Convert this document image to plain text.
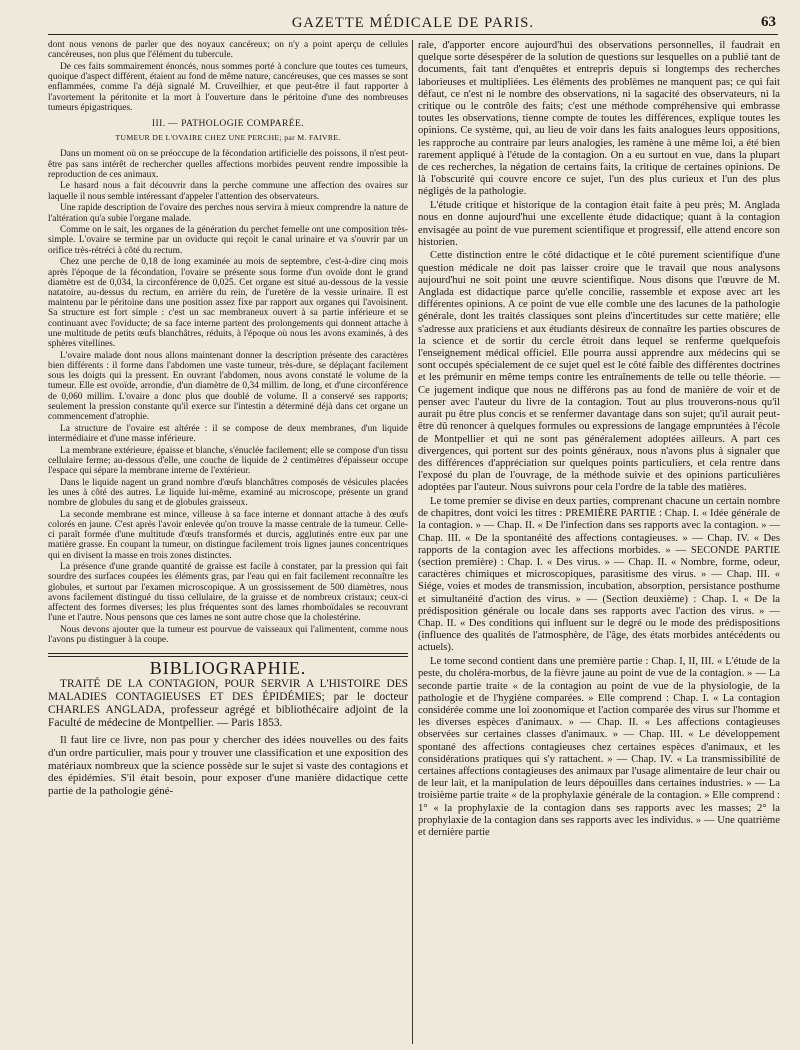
GAZETTE MÉDICALE DE PARIS.	63

dont nous venons de parler que des noyaux cancéreux; on n'y a point aperçu de cellules cancéreuses, non plus que l'élément du tubercule.

De ces faits sommairement énoncés, nous sommes porté à conclure que toutes ces tumeurs, quoique d'aspect différent, étaient au fond de même nature, cancéreuses, que ces masses se sont enflammées, comme l'a déjà signalé M. Cruveilhier, et que peut-être il faut rapporter à l'avortement la péritonite et la mort à l'ouverture dans le péritoine d'une des nombreuses tumeurs épigastriques.

III. — PATHOLOGIE COMPARÉE.
TUMEUR DE L'OVAIRE CHEZ UNE PERCHE; par M. FAIVRE.

Dans un moment où on se préoccupe de la fécondation artificielle des poissons, il n'est peut-être pas sans intérêt de rechercher quelles affections morbides peuvent rendre impossible la reproduction de ces animaux.

Le hasard nous a fait découvrir dans la perche commune une affection des ovaires sur laquelle il nous semble intéressant d'appeler l'attention des observateurs.

Une rapide description de l'ovaire des perches nous servira à mieux comprendre la nature de l'altération qu'a subie l'organe malade.

Comme on le sait, les organes de la génération du perchet femelle ont une composition très-simple. L'ovaire se termine par un oviducte qui reçoit le canal urinaire et va s'ouvrir par un orifice très-rétréci à côté du rectum.

Chez une perche de 0,18 de long examinée au mois de septembre, c'est-à-dire cinq mois après l'époque de la fécondation, l'ovaire se présente sous forme d'un ovoïde dont le grand diamètre est de 0,034, la circonférence de 0,025. Cet organe est situé au-dessous de la vessie natatoire, au-dessus du rectum, en arrière du rein, de l'uretère de la vessie urinaire. Il est maintenu par le péritoine dans une position assez fixe par rapport aux organes qui l'avoisinent. Sa structure est fort simple : c'est un sac membraneux ouvert à sa partie inférieure et se continuant avec l'oviducte; de sa face interne partent des prolongements qui donnent attache à une multitude de petits œufs blanchâtres, réduits, à l'époque où nous les avons examinés, à des sphères vitellines.

L'ovaire malade dont nous allons maintenant donner la description présente des caractères bien différents : il forme dans l'abdomen une vaste tumeur, très-dure, se déplaçant facilement sous les doigts qui la pressent. En ouvrant l'abdomen, nous avons constaté le volume de la tumeur. Elle est ovoïde, arrondie, d'un diamètre de 0,34 millim. de long, et d'une circonférence de 0,060 millim. L'ovaire a donc plus que doublé de volume. Il a conservé ses rapports; seulement la pression constante qu'il exerce sur l'intestin a déterminé déjà dans cet organe un commencement d'atrophie.

La structure de l'ovaire est altérée : il se compose de deux membranes, d'un liquide intermédiaire et d'une masse inférieure.

La membrane extérieure, épaisse et blanche, s'énuclée facilement; elle se compose d'un tissu cellulaire ferme; au-dessous d'elle, une couche de liquide de 2 centimètres d'épaisseur occupe l'espace qui sépare la membrane interne de l'extérieur.

Dans le liquide nagent un grand nombre d'œufs blanchâtres composés de vésicules placées les unes à côté des autres. Le liquide lui-même, examiné au microscope, présente un grand nombre de globules du sang et de globules graisseux.

La seconde membrane est mince, villeuse à sa face interne et donnant attache à des œufs colorés en jaune. C'est après l'avoir enlevée qu'on trouve la masse centrale de la tumeur. Celle-ci paraît formée d'une multitude d'œufs transformés et durcis, agglutinés entre eux par une matière grasse. En coupant la tumeur, on distingue facilement trois lignes jaunes concentriques qui en divisent la masse en trois zones distinctes.

La présence d'une grande quantité de graisse est facile à constater, par la pression qui fait sourdre des surfaces coupées les éléments gras, par l'eau qui en fait facilement reconnaître les globules, et surtout par l'examen microscopique. A un grossissement de 500 diamètres, nous avons facilement distingué du tissu cellulaire, de la graisse et de nombreux cristaux; ceux-ci affectent des formes diverses; les plus fréquentes sont des lames rhomboïdales se recouvrant l'une et l'autre. Nous pensons que ces lames ne sont autre chose que la cholestérine.

Nous devons ajouter que la tumeur est pourvue de vaisseaux qui l'alimentent, comme nous l'avons pu distinguer à la coupe.

BIBLIOGRAPHIE.
TRAITÉ DE LA CONTAGION, POUR SERVIR A L'HISTOIRE DES MALADIES CONTAGIEUSES ET DES ÉPIDÉMIES; par le docteur CHARLES ANGLADA, professeur agrégé et bibliothécaire adjoint de la Faculté de médecine de Montpellier. — Paris 1853.

Il faut lire ce livre, non pas pour y chercher des idées nouvelles ou des faits d'un ordre particulier, mais pour y trouver une classification et une exposition des matériaux nombreux que la science possède sur le sujet si vaste des contagions et des épidémies. S'il était besoin, pour exposer d'une manière didactique cette partie de la pathologie géné-

rale, d'apporter encore aujourd'hui des observations personnelles, il faudrait en quelque sorte désespérer de la solution de questions sur lesquelles on a publié tant de documents, fait tant d'enquêtes et entrepris depuis si longtemps des recherches laborieuses et multipliées. Les éléments des problèmes ne manquent pas; ce qui fait défaut, ce n'est ni le nombre des observations, ni la sagacité des observateurs, ni la critique ou le contrôle des faits; c'est une méthode compréhensive qui embrasse toutes les observations, tienne compte de toutes les différences, explique toutes les opinions. Ce système, qui, au lieu de voir dans les faits analogues leurs oppositions, les rapproche au contraire par leurs analogies, les ramène à une même loi, a été bien rarement appliqué à l'étude de la contagion. On a eu surtout en vue, dans la plupart de ces recherches, la négation de certains faits, la critique de certaines opinions. De là l'obscurité qui couvre encore ce sujet, l'un des plus curieux et l'un des plus négligés de la pathologie.

L'étude critique et historique de la contagion était faite à peu près; M. Anglada nous en donne aujourd'hui une excellente étude didactique; quant à la contagion envisagée au point de vue purement scientifique et progressif, elle attend encore son historien.

Cette distinction entre le côté didactique et le côté purement scientifique d'une question médicale ne doit pas laisser croire que le travail que nous analysons aujourd'hui ne soit point une œuvre scientifique. Nous disons que l'œuvre de M. Anglada est didactique parce qu'elle concilie, rassemble et expose avec art les différentes opinions. A ce point de vue elle comble une des lacunes de la pathologie générale, dont les traités classiques sont pleins d'incertitudes sur cette matière; elle s'adresse aux praticiens et aux étudiants désireux de connaître les parties obscures de la science et de sortir du cercle étroit dans lequel se renferme quelquefois l'enseignement médical officiel. Elle pourra aussi apprendre aux médecins qui se sont occupés spécialement de ce sujet quel est le côté faible des différentes doctrines et les prémunir en même temps contre les entraînements de telle ou telle théorie. — Ce jugement indique que nous ne différons pas au fond de manière de voir et de penser avec l'auteur du livre de la contagion. Tout au plus trouverons-nous qu'il aurait pu être plus concis et se renfermer davantage dans son sujet; qu'il aurait peut-être dû renoncer à quelques formules ou expressions de langage empruntées à l'école de Montpellier et qui ne sont pas généralement adoptées ailleurs. A part ces divergences, qui portent sur des points généraux, nous n'avons plus à signaler que des différences d'appréciation sur quelques points particuliers, et cela rentre dans l'exposé du plan de l'ouvrage, de la méthode suivie et des opinions particulières adoptées par l'auteur. Nous suivrons pour cela l'ordre de la table des matières.

Le tome premier se divise en deux parties, comprenant chacune un certain nombre de chapitres, dont voici les titres : PREMIÈRE PARTIE : Chap. I. « Idée générale de la contagion. » — Chap. II. « De l'infection dans ses rapports avec la contagion. » — Chap. III. « De la spontanéité des affections contagieuses. » — Chap. IV. « Des rapports de la contagion avec les affections morbides. » — SECONDE PARTIE (section première) : Chap. I. « Des virus. » — Chap. II. « Nombre, forme, odeur, caractères chimiques et microscopiques, parasitisme des virus. » — Chap. III. « Siége, voies et modes de transmission, incubation, absorption, persistance posthume et simultanéité d'action des virus. » — (Section deuxième) : Chap. I. « De la prédisposition générale ou locale dans ses rapports avec l'action des virus. » — Chap. II. « Des conditions qui influent sur le degré ou le mode des prédispositions (influence des qualités de l'atmosphère, de l'âge, des états morbides antécédents ou actuels).

Le tome second contient dans une première partie : Chap. I, II, III. « L'étude de la peste, du choléra-morbus, de la fièvre jaune au point de vue de la contagion. » — La seconde partie traite « de la contagion au point de vue de la physiologie, de la pathologie et de l'hygiène comparées. » Elle comprend : Chap. I. « La contagion considérée comme une loi zoonomique et l'action comparée des virus sur l'homme et les diverses espèces d'animaux. » — Chap. II. « Les affections contagieuses observées sur certaines classes d'animaux. » — Chap. III. « Le développement spontané des affections contagieuses chez certaines espèces d'animaux, et les considérations pratiques qui s'y rattachent. » — Chap. IV. « La transmissibilité de certaines affections contagieuses des animaux par l'usage alimentaire de leur chair ou de leur lait, et la manipulation de leurs dépouilles dans certaines industries. » — La troisième partie traite « de la prophylaxie générale de la contagion. » Elle comprend : 1° « la prophylaxie de la contagion dans ses rapports avec les masses; 2° la prophylaxie de la contagion dans ses rapports avec les individus. » — Une quatrième et dernière partie
